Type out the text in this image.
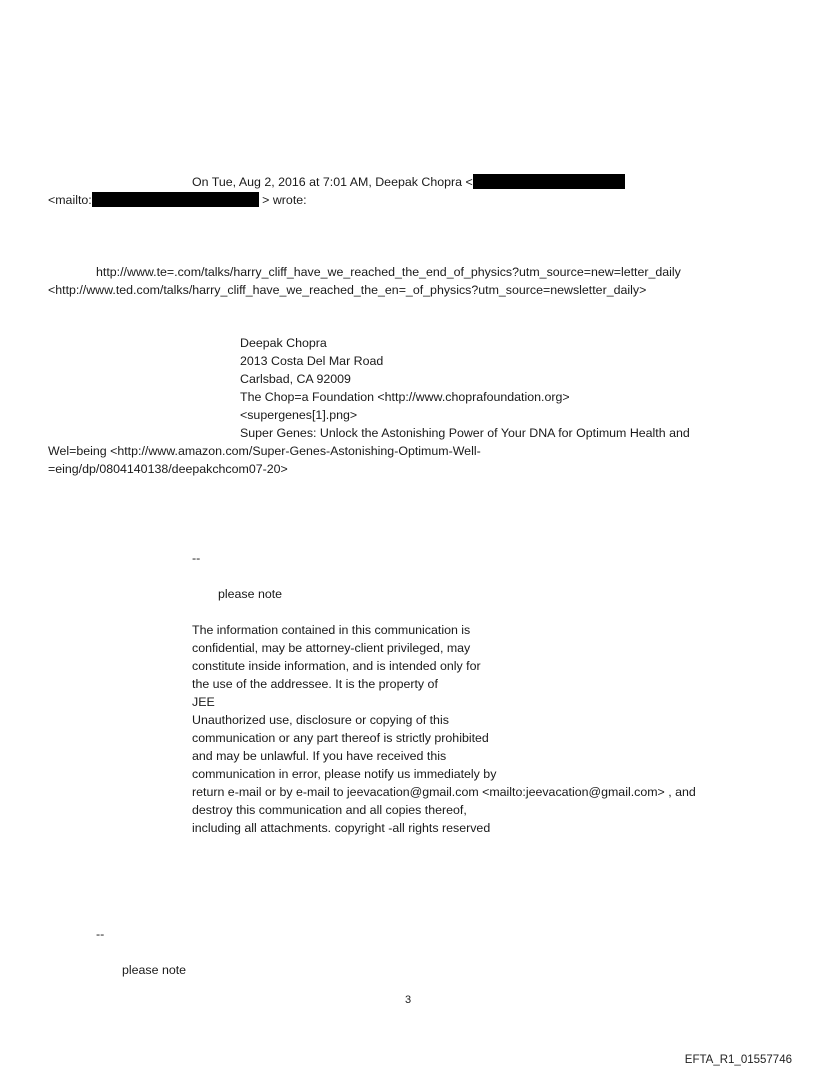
On Tue, Aug 2, 2016 at 7:01 AM, Deepak Chopra <
<mailto:	> wrote:
http://www.te=.com/talks/harry_cliff_have_we_reached_the_end_of_physics?utm_source=new=letter_daily
<http://www.ted.com/talks/harry_cliff_have_we_reached_the_en=_of_physics?utm_source=newsletter_daily>
Deepak Chopra
2013 Costa Del Mar Road
Carlsbad, CA 92009
The Chop=a Foundation <http://www.choprafoundation.org>
<supergenes[1].png>
Super Genes: Unlock the Astonishing Power of Your DNA for Optimum Health and
Wel=being <http://www.amazon.com/Super-Genes-Astonishing-Optimum-Well-
=eing/dp/0804140138/deepakchcom07-20>
--
please note
The information contained in this communication is
confidential, may be attorney-client privileged, may
constitute inside information, and is intended only for
the use of the addressee. It is the property of
JEE
Unauthorized use, disclosure or copying of this
communication or any part thereof is strictly prohibited
and may be unlawful. If you have received this
communication in error, please notify us immediately by
return e-mail or by e-mail to jeevacation@gmail.com <mailto:jeevacation@gmail.com> , and
destroy this communication and all copies thereof,
including all attachments. copyright -all rights reserved
--
please note
3
EFTA_R1_01557746
